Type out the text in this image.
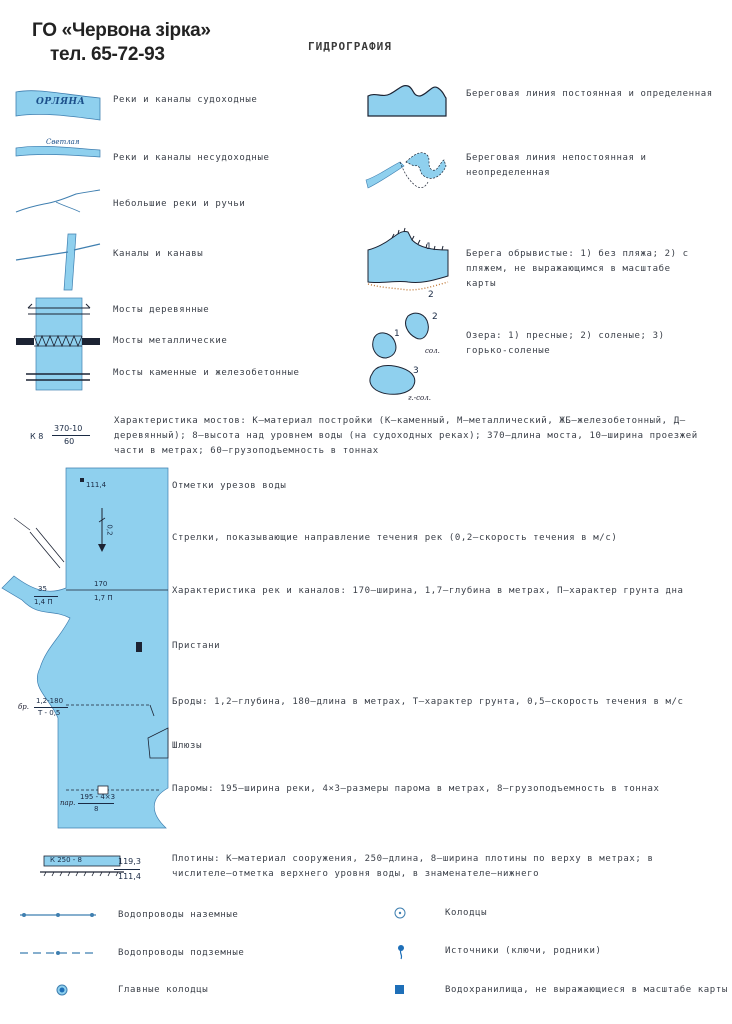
ГО «Червона зірка»
тел. 65-72-93	ГИДРОГРАФИЯ
ОРЛЯНА	Реки и каналы судоходные
Светлая
Реки и каналы несудоходные
Небольшие реки и ручьи
Каналы и канавы
Мосты деревянные
Мосты металлические
Мосты каменные и железобетонные
Береговая линия постоянная и определенная
Береговая линия непостоянная и неопределенная
1
2
Берега обрывистые: 1) без пляжа; 2) с пляжем, не выражающимся в масштабе карты
1
2
сол.
3
г.-сол.
Озера: 1) пресные; 2) соленые; 3) горько-соленые
К 8
370-10
60
Характеристика мостов: К—материал постройки (К—каменный, М—металлический, ЖБ—железобетонный, Д—деревянный); 8—высота над уровнем воды (на судоходных реках); 370—длина моста, 10—ширина проезжей части в метрах; 60—грузоподъемность в тоннах
111,4
0,2
170
1,7 П
35
1,4 П
бр.
1,2-180
Т - 0,5
пар.
195 - 4×3
8
Отметки урезов воды
Стрелки, показывающие направление течения рек (0,2—скорость течения в м/с)
Характеристика рек и каналов: 170—ширина, 1,7—глубина в метрах, П—характер грунта дна
Пристани
Броды: 1,2—глубина, 180—длина в метрах, Т—характер грунта, 0,5—скорость течения в м/с
Шлюзы
Паромы: 195—ширина реки, 4×3—размеры парома в метрах, 8—грузоподъемность в тоннах
К 250 - 8	119,3
111,4
Плотины: К—материал сооружения, 250—длина, 8—ширина плотины по верху в метрах; в числителе—отметка верхнего уровня воды, в знаменателе—нижнего
Водопроводы наземные
Водопроводы подземные
Главные колодцы
Колодцы
Источники (ключи, родники)
Водохранилища, не выражающиеся в масштабе карты
